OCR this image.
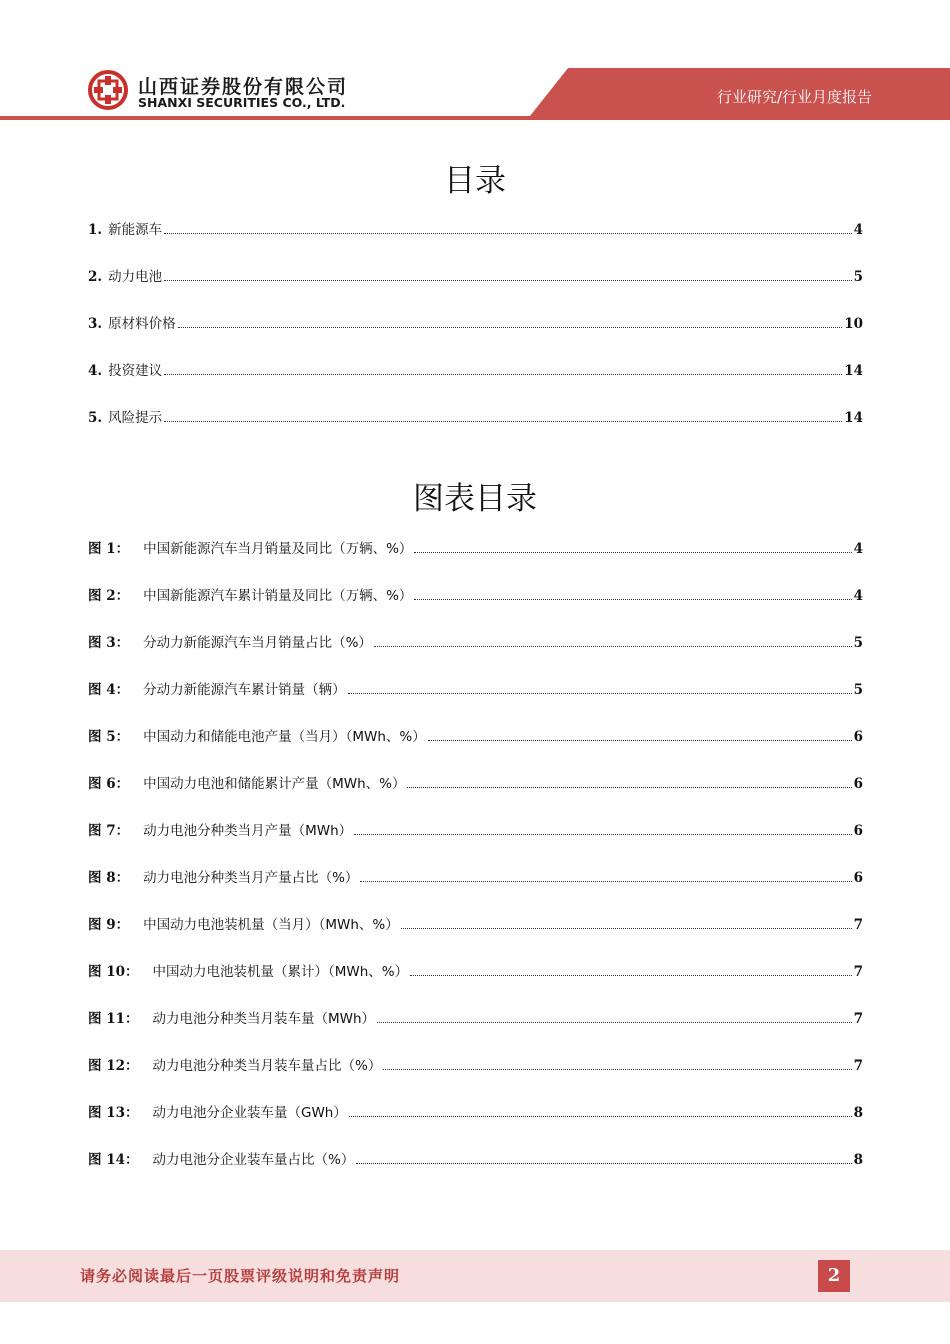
山西证券股份有限公司
SHANXI SECURITIES CO., LTD.	行业研究/行业月度报告
目录
1. 新能源车	4
2. 动力电池	5
3. 原材料价格	10
4. 投资建议	14
5. 风险提示	14
图表目录
图 1： 中国新能源汽车当月销量及同比（万辆、%）	4
图 2： 中国新能源汽车累计销量及同比（万辆、%）	4
图 3： 分动力新能源汽车当月销量占比（%）	5
图 4： 分动力新能源汽车累计销量（辆）	5
图 5： 中国动力和储能电池产量（当月）（MWh、%）	6
图 6： 中国动力电池和储能累计产量（MWh、%）	6
图 7： 动力电池分种类当月产量（MWh）	6
图 8： 动力电池分种类当月产量占比（%）	6
图 9： 中国动力电池装机量（当月）（MWh、%）	7
图 10： 中国动力电池装机量（累计）（MWh、%）	7
图 11： 动力电池分种类当月装车量（MWh）	7
图 12： 动力电池分种类当月装车量占比（%）	7
图 13： 动力电池分企业装车量（GWh）	8
图 14： 动力电池分企业装车量占比（%）	8
请务必阅读最后一页股票评级说明和免责声明	2
